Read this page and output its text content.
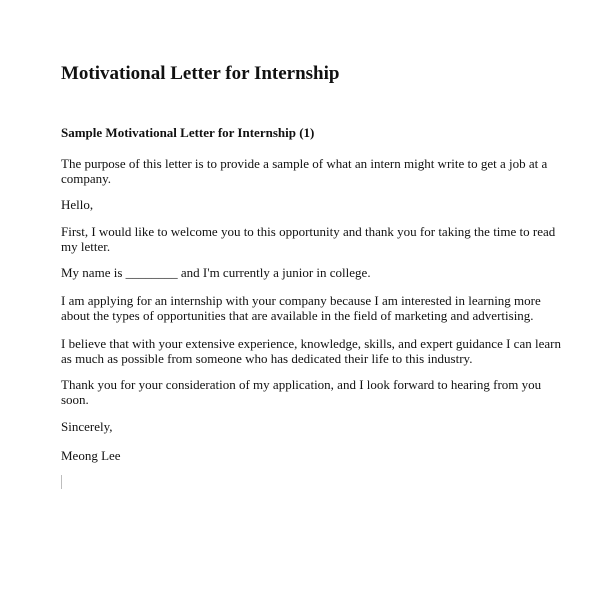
Motivational Letter for Internship

Sample Motivational Letter for Internship (1)

The purpose of this letter is to provide a sample of what an intern might write to get a job at a
company.

Hello,

First, I would like to welcome you to this opportunity and thank you for taking the time to read
my letter.

My name is ________ and I'm currently a junior in college.

I am applying for an internship with your company because I am interested in learning more
about the types of opportunities that are available in the field of marketing and advertising.

I believe that with your extensive experience, knowledge, skills, and expert guidance I can learn
as much as possible from someone who has dedicated their life to this industry.

Thank you for your consideration of my application, and I look forward to hearing from you
soon.

Sincerely,

Meong Lee
